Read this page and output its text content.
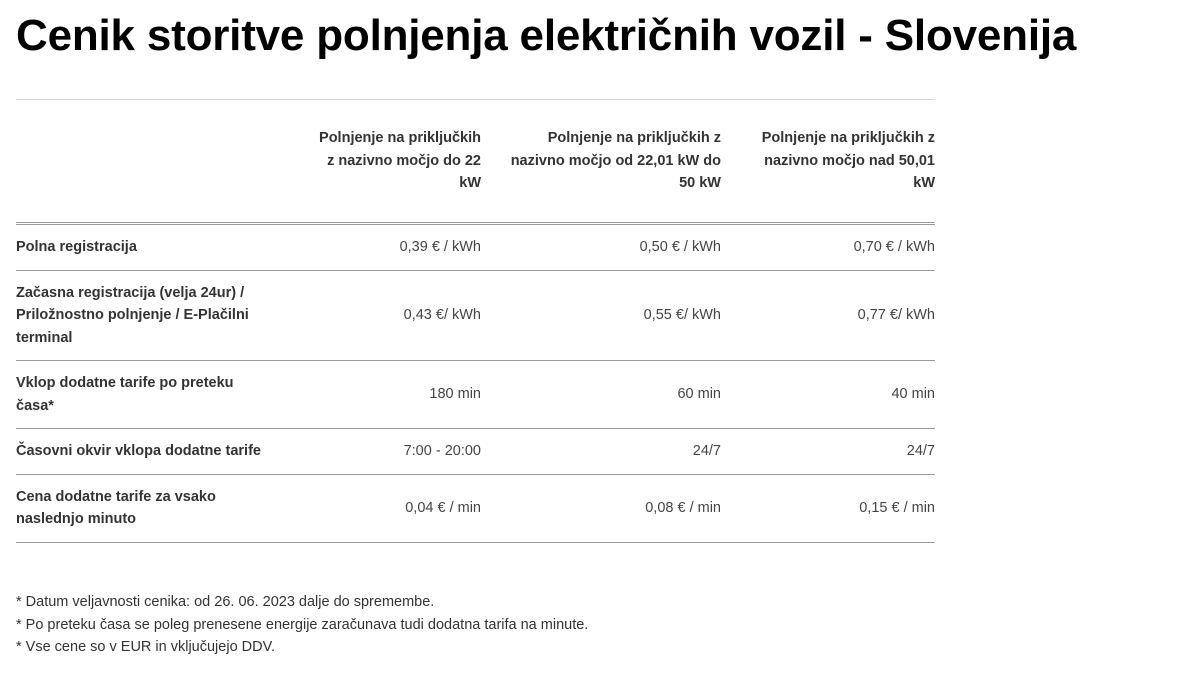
Cenik storitve polnjenja električnih vozil - Slovenija
	Polnjenje na priključkih z nazivno močjo do 22 kW	Polnjenje na priključkih z nazivno močjo od 22,01 kW do 50 kW	Polnjenje na priključkih z nazivno močjo nad 50,01 kW
Polna registracija	0,39 € / kWh	0,50 € / kWh	0,70 € / kWh
Začasna registracija (velja 24ur) / Priložnostno polnjenje / E-Plačilni terminal	0,43 €/ kWh	0,55 €/ kWh	0,77 €/ kWh
Vklop dodatne tarife po preteku časa*	180 min	60 min	40 min
Časovni okvir vklopa dodatne tarife	7:00 - 20:00	24/7	24/7
Cena dodatne tarife za vsako naslednjo minuto	0,04 € / min	0,08 € / min	0,15 € / min

* Datum veljavnosti cenika: od 26. 06. 2023 dalje do spremembe.

* Po preteku časa se poleg prenesene energije zaračunava tudi dodatna tarifa na minute.

* Vse cene so v EUR in vključujejo DDV.
